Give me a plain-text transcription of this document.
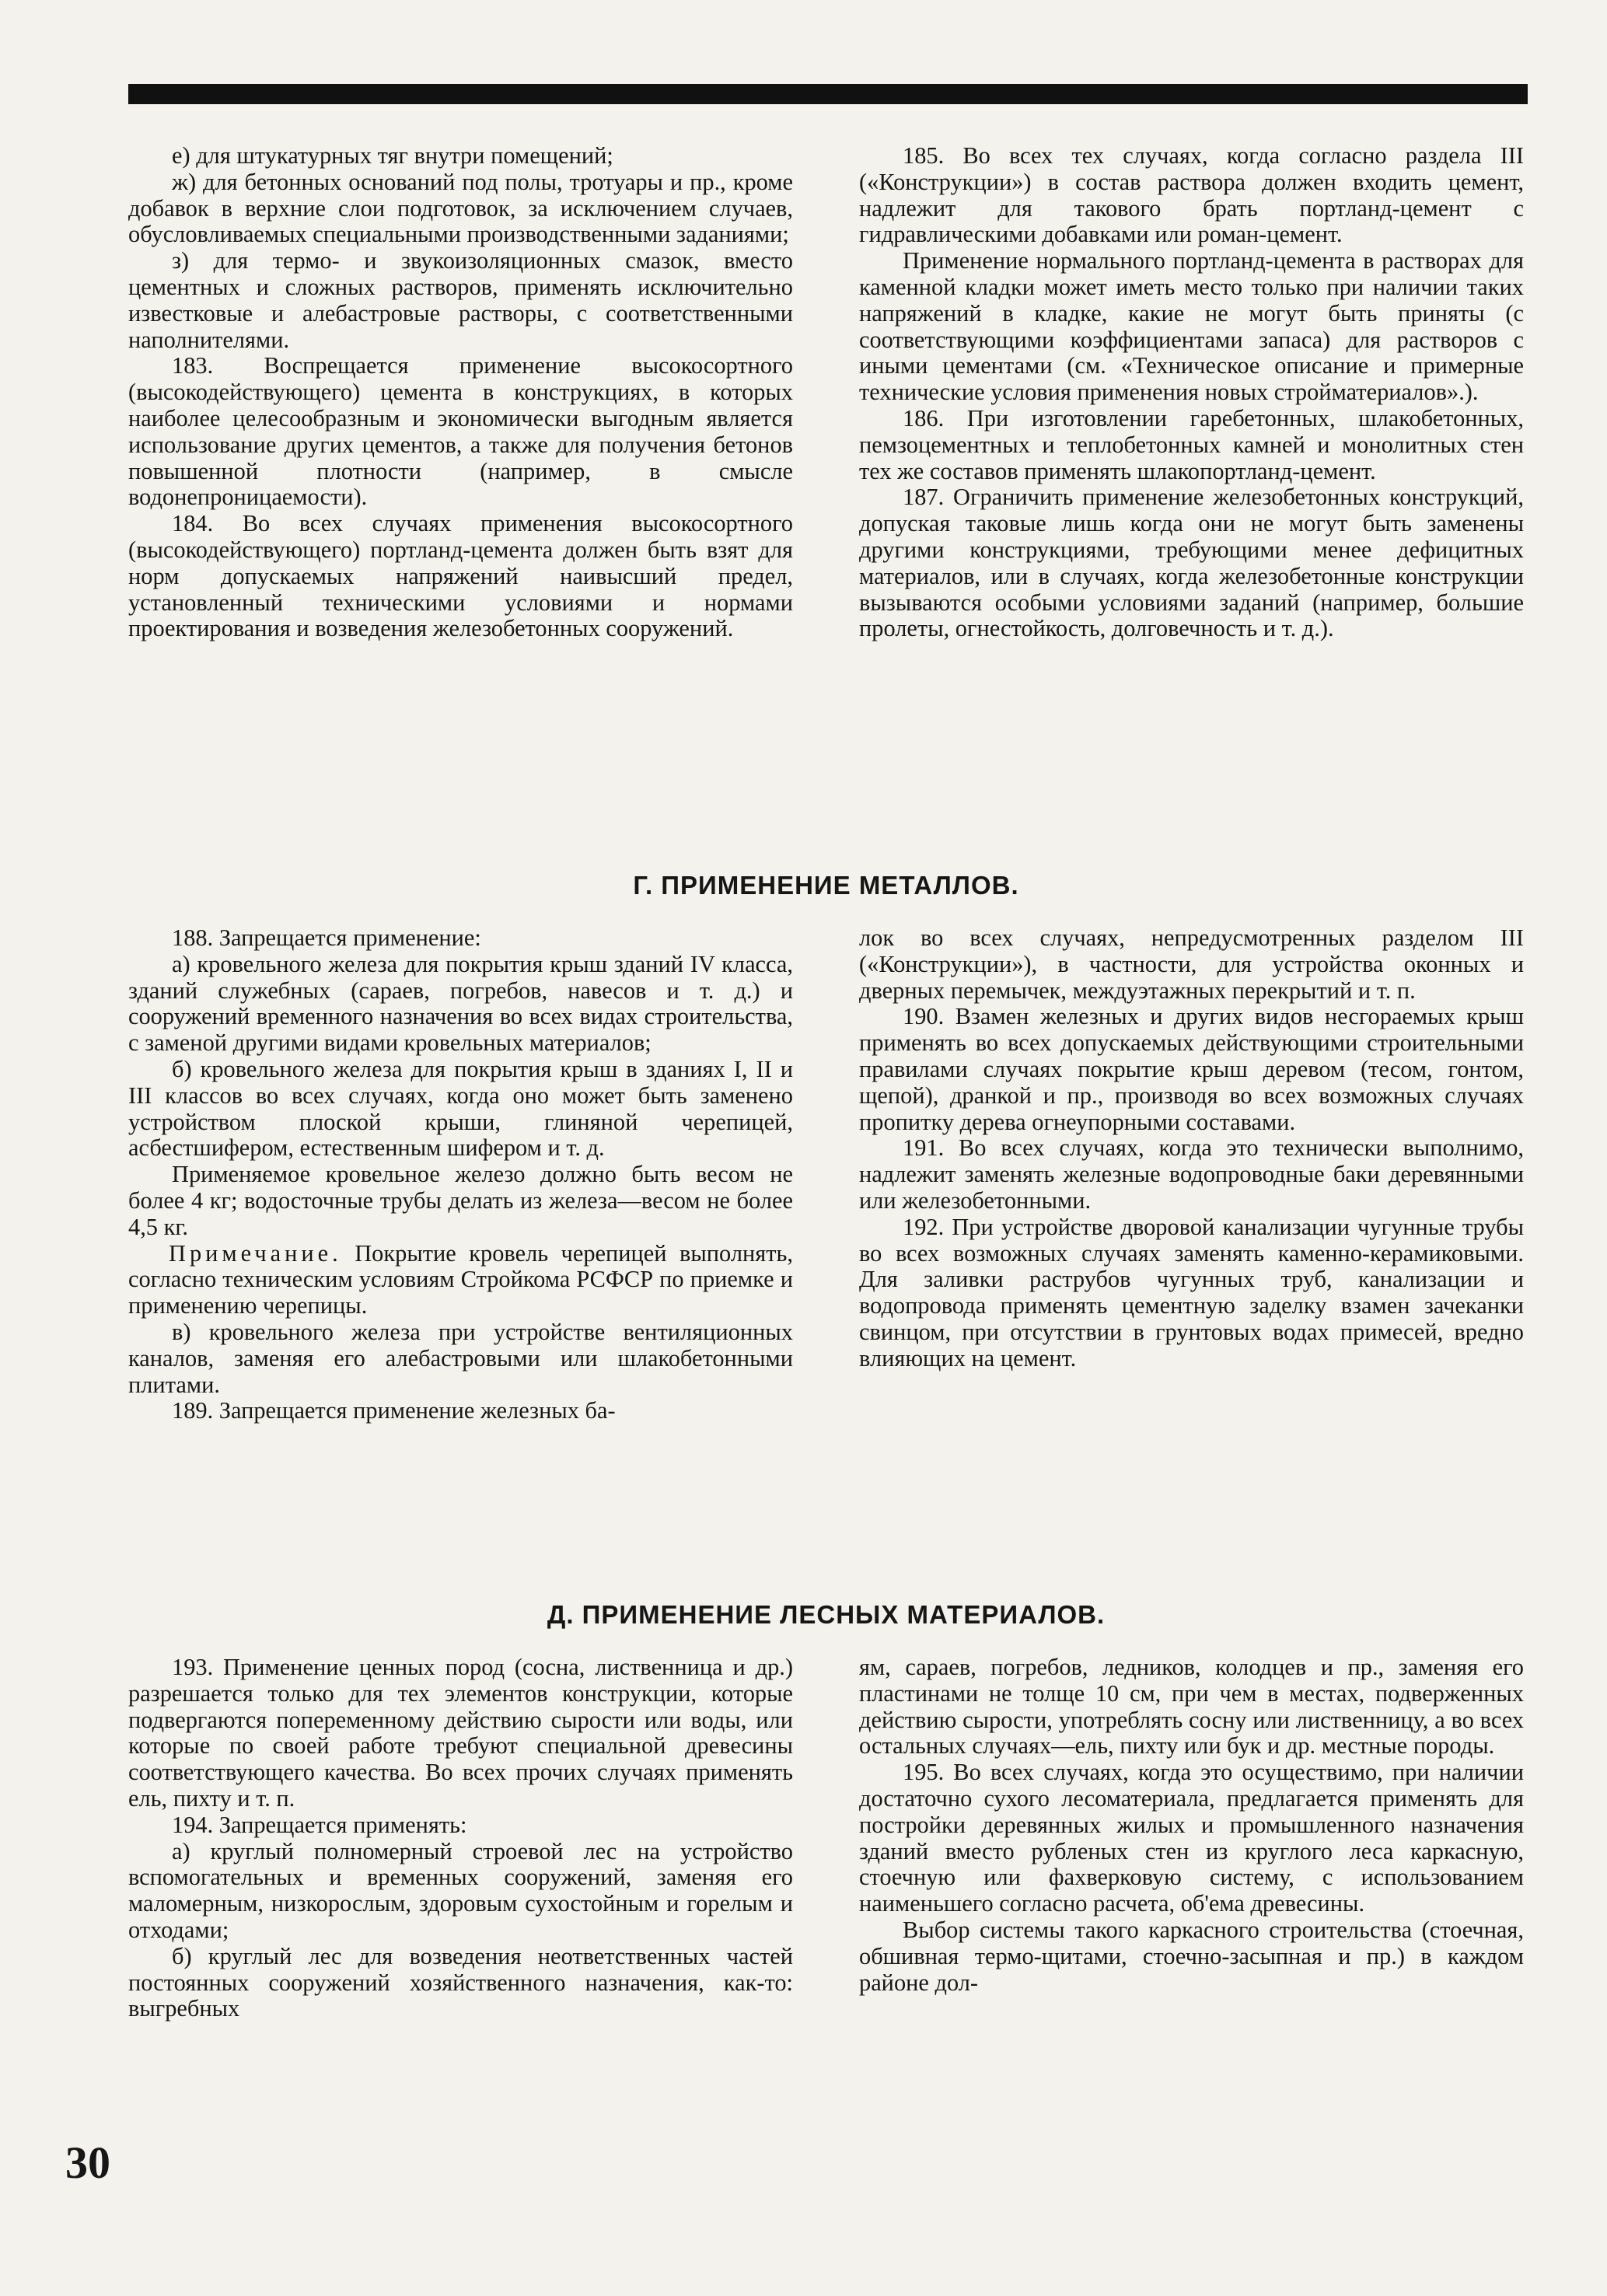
е) для штукатурных тяг внутри помещений;

ж) для бетонных оснований под полы, тротуары и пр., кроме добавок в верхние слои подготовок, за исключением случаев, обусловливаемых специальными производственными заданиями;

з) для термо- и звукоизоляционных смазок, вместо цементных и сложных растворов, применять исключительно известковые и алебастровые растворы, с соответственными наполнителями.

183. Воспрещается применение высокосортного (высокодействующего) цемента в конструкциях, в которых наиболее целесообразным и экономически выгодным является использование других цементов, а также для получения бетонов повышенной плотности (например, в смысле водонепроницаемости).

184. Во всех случаях применения высокосортного (высокодействующего) портланд-цемента должен быть взят для норм допускаемых напряжений наивысший предел, установленный техническими условиями и нормами проектирования и возведения железобетонных сооружений.

185. Во всех тех случаях, когда согласно раздела III («Конструкции») в состав раствора должен входить цемент, надлежит для такового брать портланд-цемент с гидравлическими добавками или роман-цемент.

Применение нормального портланд-цемента в растворах для каменной кладки может иметь место только при наличии таких напряжений в кладке, какие не могут быть приняты (с соответствующими коэффициентами запаса) для растворов с иными цементами (см. «Техническое описание и примерные технические условия применения новых стройматериалов».).

186. При изготовлении гаребетонных, шлакобетонных, пемзоцементных и теплобетонных камней и монолитных стен тех же составов применять шлакопортланд-цемент.

187. Ограничить применение железобетонных конструкций, допуская таковые лишь когда они не могут быть заменены другими конструкциями, требующими менее дефицитных материалов, или в случаях, когда железобетонные конструкции вызываются особыми условиями заданий (например, большие пролеты, огнестойкость, долговечность и т. д.).

Г. ПРИМЕНЕНИЕ МЕТАЛЛОВ.

188. Запрещается применение:

а) кровельного железа для покрытия крыш зданий IV класса, зданий служебных (сараев, погребов, навесов и т. д.) и сооружений временного назначения во всех видах строительства, с заменой другими видами кровельных материалов;

б) кровельного железа для покрытия крыш в зданиях I, II и III классов во всех случаях, когда оно может быть заменено устройством плоской крыши, глиняной черепицей, асбестшифером, естественным шифером и т. д.

Применяемое кровельное железо должно быть весом не более 4 кг; водосточные трубы делать из железа—весом не более 4,5 кг.

Примечание. Покрытие кровель черепицей выполнять, согласно техническим условиям Стройкома РСФСР по приемке и применению черепицы.

в) кровельного железа при устройстве вентиляционных каналов, заменяя его алебастровыми или шлакобетонными плитами.

189. Запрещается применение железных ба-

лок во всех случаях, непредусмотренных разделом III («Конструкции»), в частности, для устройства оконных и дверных перемычек, междуэтажных перекрытий и т. п.

190. Взамен железных и других видов несгораемых крыш применять во всех допускаемых действующими строительными правилами случаях покрытие крыш деревом (тесом, гонтом, щепой), дранкой и пр., производя во всех возможных случаях пропитку дерева огнеупорными составами.

191. Во всех случаях, когда это технически выполнимо, надлежит заменять железные водопроводные баки деревянными или железобетонными.

192. При устройстве дворовой канализации чугунные трубы во всех возможных случаях заменять каменно-керамиковыми. Для заливки раструбов чугунных труб, канализации и водопровода применять цементную заделку взамен зачеканки свинцом, при отсутствии в грунтовых водах примесей, вредно влияющих на цемент.

Д. ПРИМЕНЕНИЕ ЛЕСНЫХ МАТЕРИАЛОВ.

193. Применение ценных пород (сосна, лиственница и др.) разрешается только для тех элементов конструкции, которые подвергаются попеременному действию сырости или воды, или которые по своей работе требуют специальной древесины соответствующего качества. Во всех прочих случаях применять ель, пихту и т. п.

194. Запрещается применять:

а) круглый полномерный строевой лес на устройство вспомогательных и временных сооружений, заменяя его маломерным, низкорослым, здоровым сухостойным и горелым и отходами;

б) круглый лес для возведения неответственных частей постоянных сооружений хозяйственного назначения, как-то: выгребных

ям, сараев, погребов, ледников, колодцев и пр., заменяя его пластинами не толще 10 см, при чем в местах, подверженных действию сырости, употреблять сосну или лиственницу, а во всех остальных случаях—ель, пихту или бук и др. местные породы.

195. Во всех случаях, когда это осуществимо, при наличии достаточно сухого лесоматериала, предлагается применять для постройки деревянных жилых и промышленного назначения зданий вместо рубленых стен из круглого леса каркасную, стоечную или фахверковую систему, с использованием наименьшего согласно расчета, об'ема древесины.

Выбор системы такого каркасного строительства (стоечная, обшивная термо-щитами, стоечно-засыпная и пр.) в каждом районе дол-

30
